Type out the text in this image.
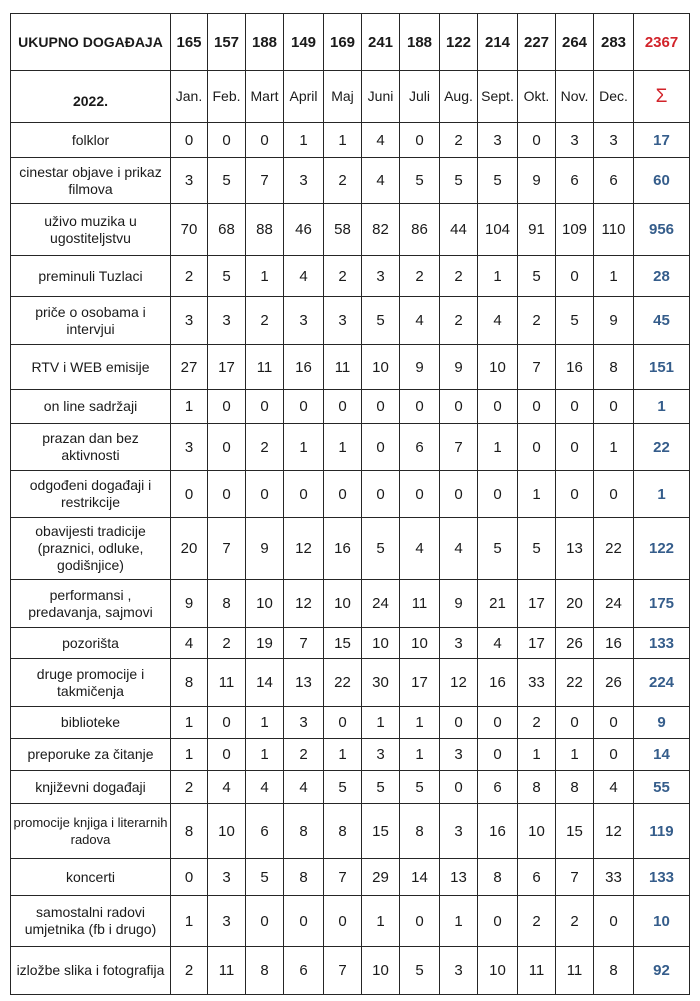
UKUPNO DOGAĐAJA	165	157	188	149	169	241	188	122	214	227	264	283	2367
2022.	Jan.	Feb.	Mart	April	Maj	Juni	Juli	Aug.	Sept.	Okt.	Nov.	Dec.	Σ
folklor	0	0	0	1	1	4	0	2	3	0	3	3	17
cinestar objave i prikaz filmova	3	5	7	3	2	4	5	5	5	9	6	6	60
uživo muzika u ugostiteljstvu	70	68	88	46	58	82	86	44	104	91	109	110	956
preminuli Tuzlaci	2	5	1	4	2	3	2	2	1	5	0	1	28
priče o osobama i intervjui	3	3	2	3	3	5	4	2	4	2	5	9	45
RTV i WEB emisije	27	17	11	16	11	10	9	9	10	7	16	8	151
on line sadržaji	1	0	0	0	0	0	0	0	0	0	0	0	1
prazan dan bez aktivnosti	3	0	2	1	1	0	6	7	1	0	0	1	22
odgođeni događaji i restrikcije	0	0	0	0	0	0	0	0	0	1	0	0	1
obavijesti tradicije (praznici, odluke, godišnjice)	20	7	9	12	16	5	4	4	5	5	13	22	122
performansi , predavanja, sajmovi	9	8	10	12	10	24	11	9	21	17	20	24	175
pozorišta	4	2	19	7	15	10	10	3	4	17	26	16	133
druge promocije i takmičenja	8	11	14	13	22	30	17	12	16	33	22	26	224
biblioteke	1	0	1	3	0	1	1	0	0	2	0	0	9
preporuke za čitanje	1	0	1	2	1	3	1	3	0	1	1	0	14
književni događaji	2	4	4	4	5	5	5	0	6	8	8	4	55
promocije knjiga i literarnih radova	8	10	6	8	8	15	8	3	16	10	15	12	119
koncerti	0	3	5	8	7	29	14	13	8	6	7	33	133
samostalni radovi umjetnika (fb i drugo)	1	3	0	0	0	1	0	1	0	2	2	0	10
izložbe slika i fotografija	2	11	8	6	7	10	5	3	10	11	11	8	92
